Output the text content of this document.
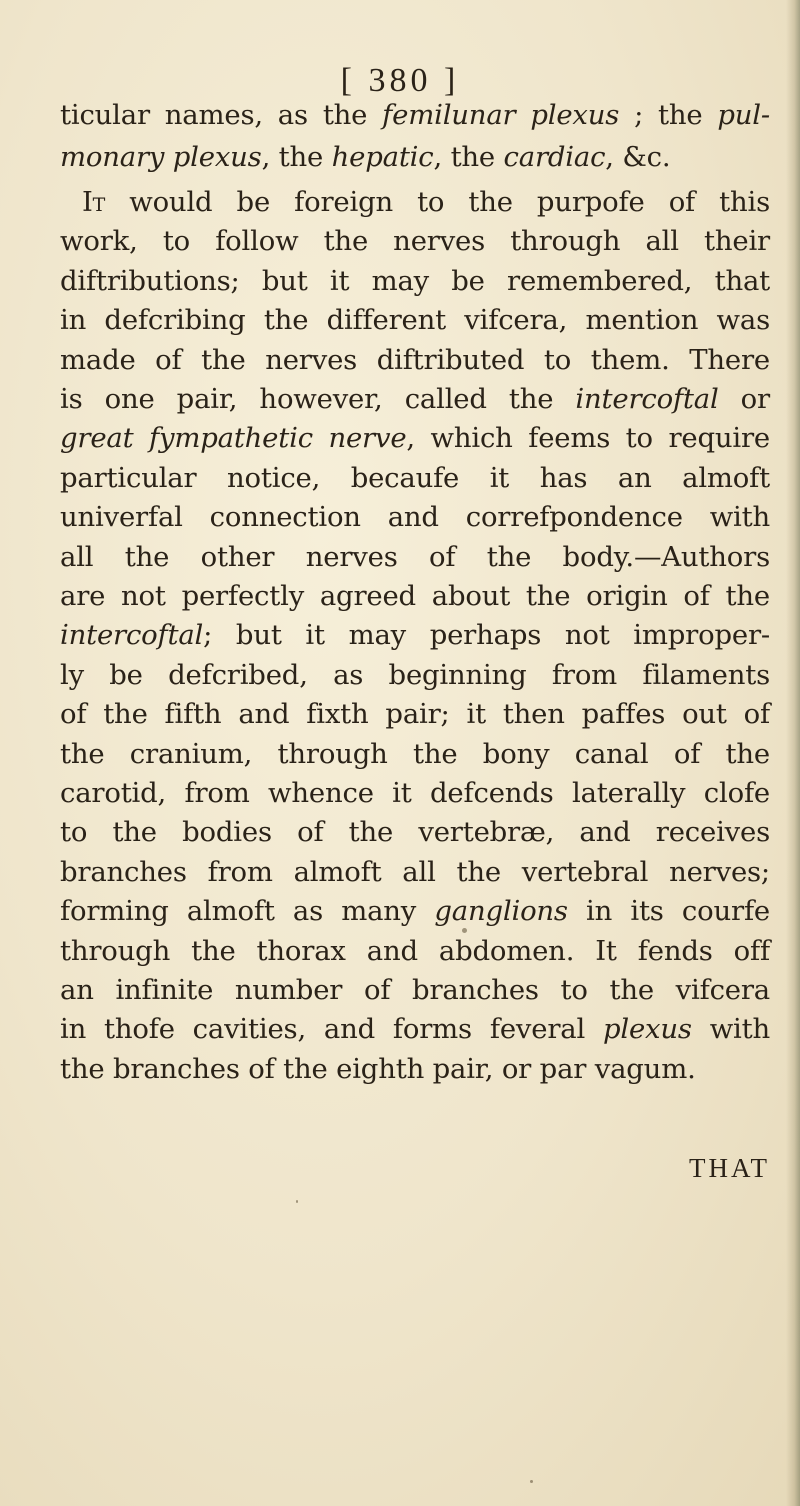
[ 380 ]
ticular names, as the femilunar plexus ; the pul-
monary plexus, the hepatic, the cardiac, &c.
It would be foreign to the purpofe of this
work, to follow the nerves through all their
diftributions; but it may be remembered, that
in defcribing the different vifcera, mention was
made of the nerves diftributed to them. There
is one pair, however, called the intercoftal or
great fympathetic nerve, which feems to require
particular notice, becaufe it has an almoft
univerfal connection and correfpondence with
all the other nerves of the body.—Authors
are not perfectly agreed about the origin of the
intercoftal; but it may perhaps not improper-
ly be defcribed, as beginning from filaments
of the fifth and fixth pair; it then paffes out of
the cranium, through the bony canal of the
carotid, from whence it defcends laterally clofe
to the bodies of the vertebræ, and receives
branches from almoft all the vertebral nerves;
forming almoft as many ganglions in its courfe
through the thorax and abdomen. It fends off
an infinite number of branches to the vifcera
in thofe cavities, and forms feveral plexus with
the branches of the eighth pair, or par vagum.
THAT
